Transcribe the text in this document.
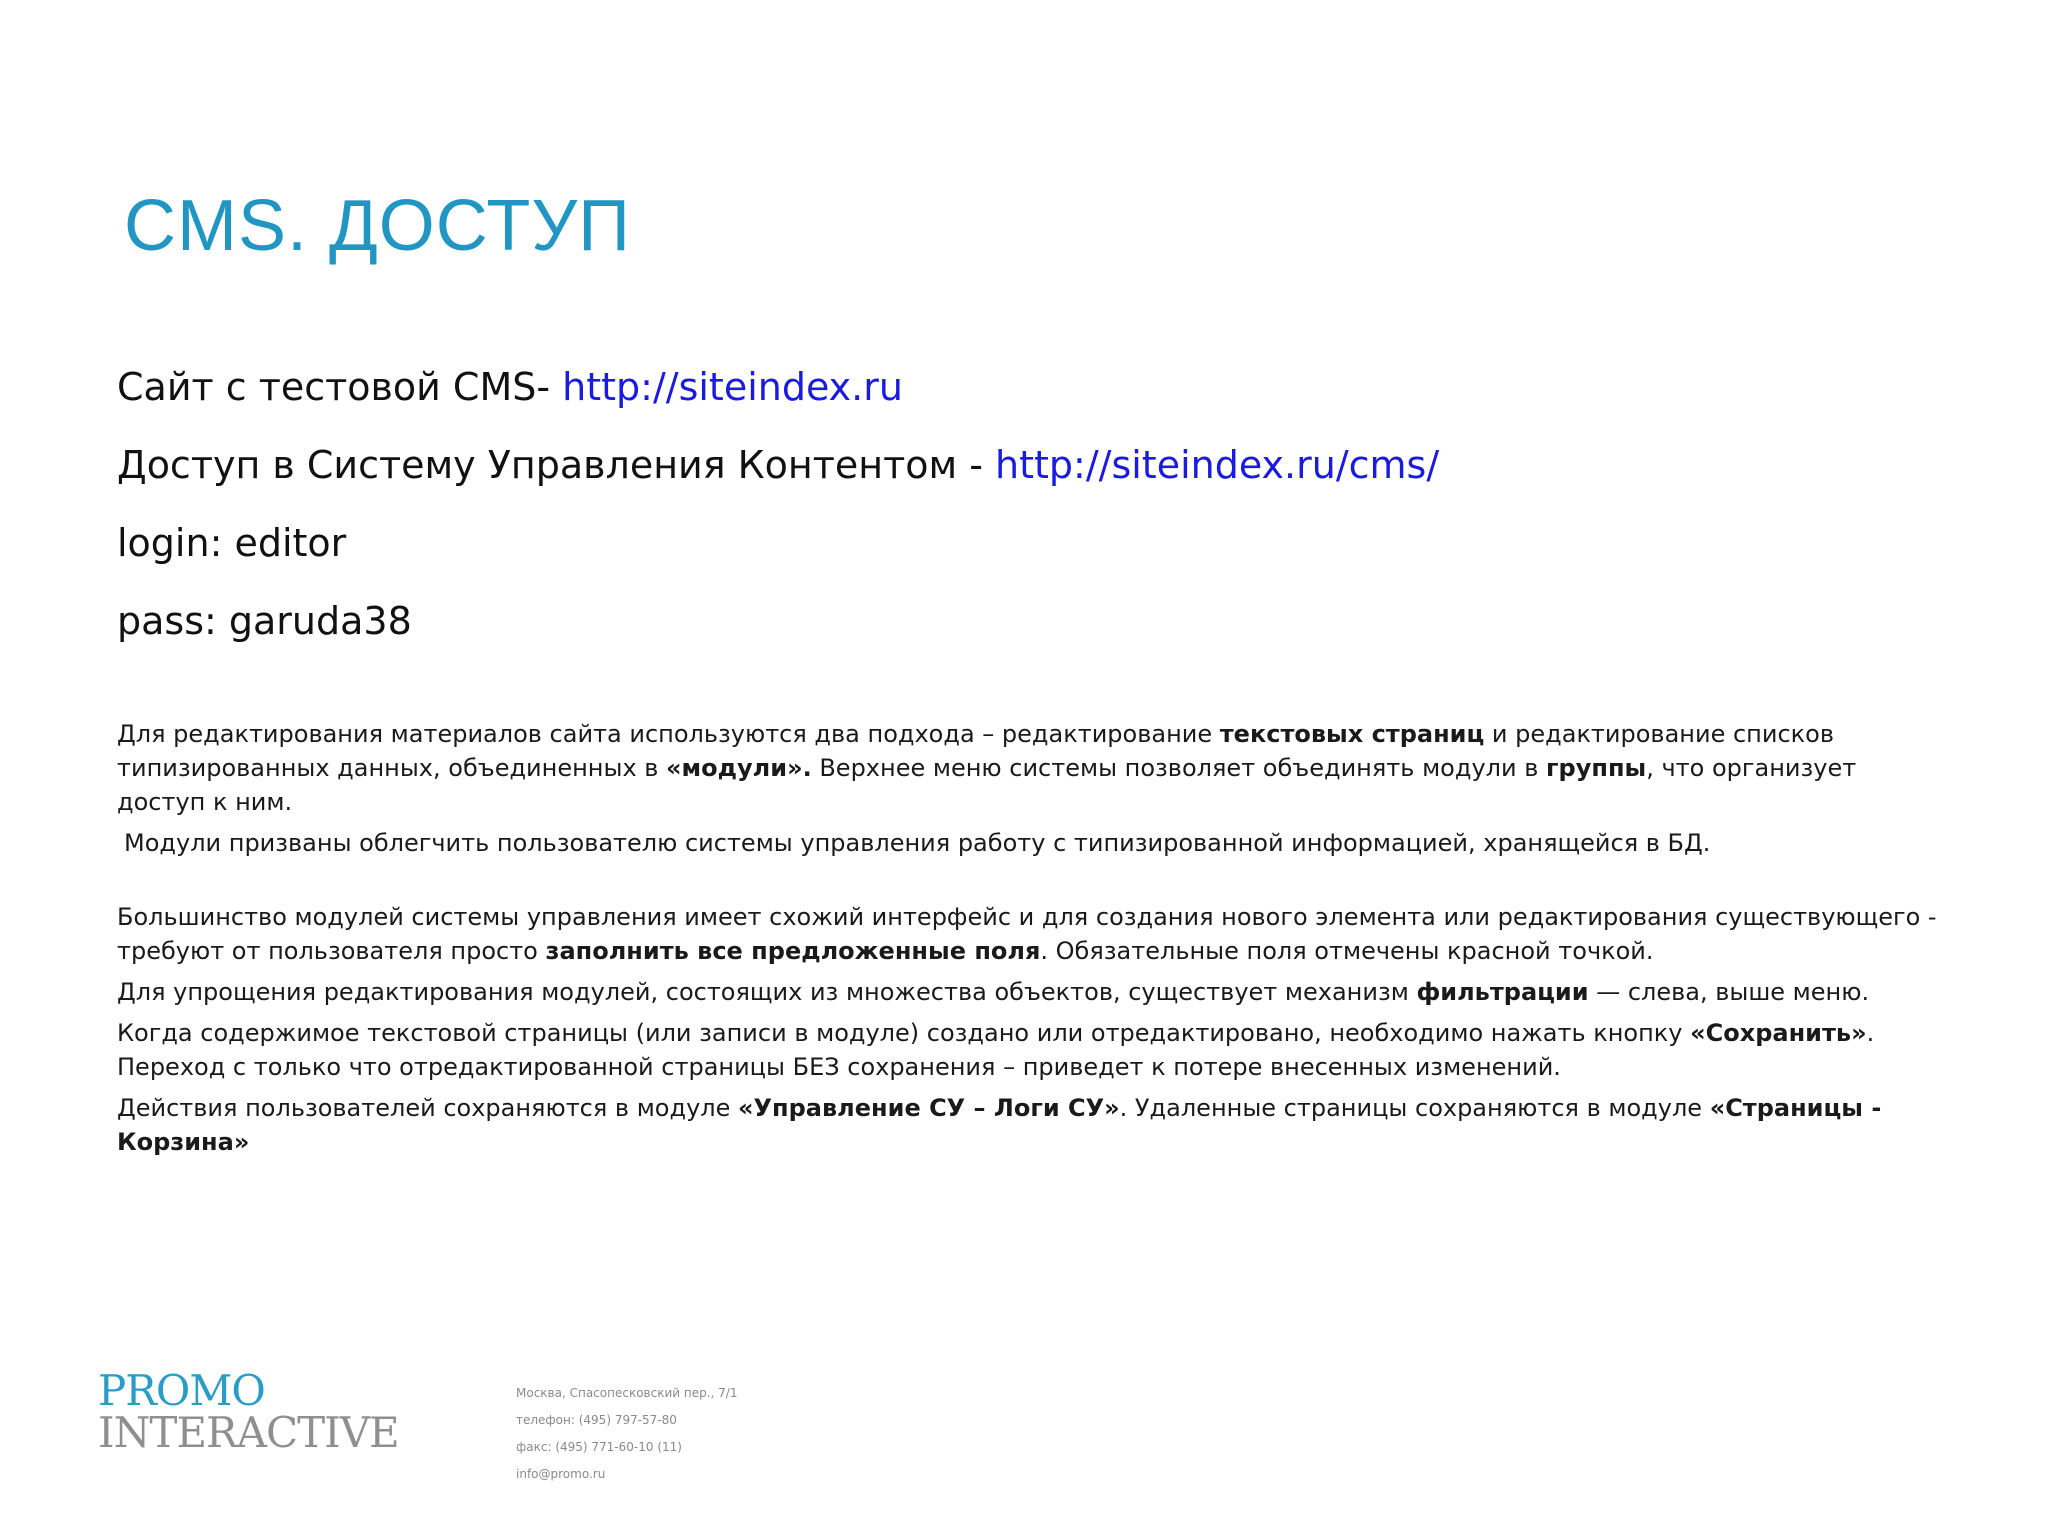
CMS. ДОСТУП
Сайт с тестовой CMS- http://siteindex.ru
Доступ в Систему Управления Контентом - http://siteindex.ru/cms/
login: editor
pass: garuda38

Для редактирования материалов сайта используются два подхода – редактирование текстовых страниц и редактирование списков типизированных данных, объединенных в «модули». Верхнее меню системы позволяет объединять модули в группы, что организует доступ к ним.

Модули призваны облегчить пользователю системы управления работу с типизированной информацией, хранящейся в БД.

Большинство модулей системы управления имеет схожий интерфейс и для создания нового элемента или редактирования существующего - требуют от пользователя просто заполнить все предложенные поля. Обязательные поля отмечены красной точкой.

Для упрощения редактирования модулей, состоящих из множества объектов, существует механизм фильтрации — слева, выше меню.

Когда содержимое текстовой страницы (или записи в модуле) создано или отредактировано, необходимо нажать кнопку «Сохранить». Переход с только что отредактированной страницы БЕЗ сохранения – приведет к потере внесенных изменений.

Действия пользователей сохраняются в модуле «Управление СУ – Логи СУ». Удаленные страницы сохраняются в модуле «Страницы - Корзина»

PROMO
INTERACTIVE
Москва, Спасопесковский пер., 7/1
телефон: (495) 797-57-80
факс: (495) 771-60-10 (11)
info@promo.ru
